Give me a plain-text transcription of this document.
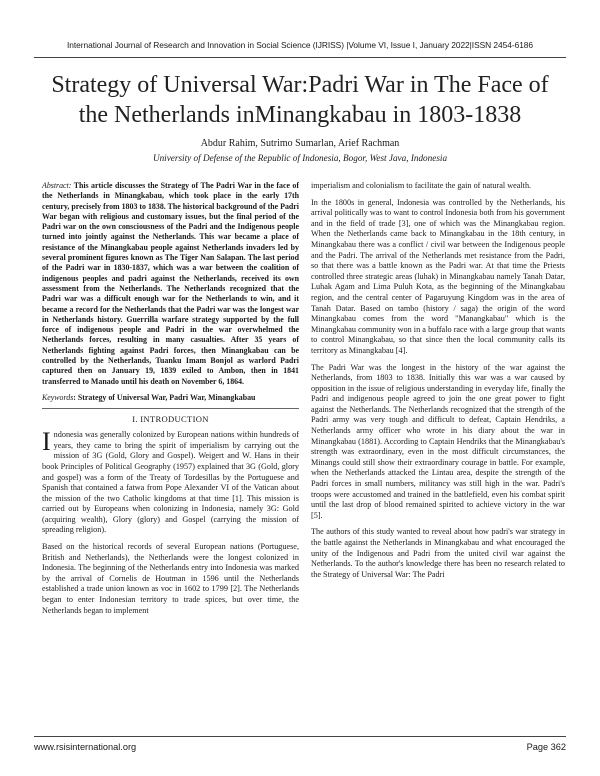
International Journal of Research and Innovation in Social Science (IJRISS) |Volume VI, Issue I, January 2022|ISSN 2454-6186
Strategy of Universal War:Padri War in The Face of the Netherlands inMinangkabau in 1803-1838
Abdur Rahim, Sutrimo Sumarlan, Arief Rachman
University of Defense of the Republic of Indonesia, Bogor, West Java, Indonesia

Abstract: This article discusses the Strategy of The Padri War in the face of the Netherlands in Minangkabau, which took place in the early 17th century, precisely from 1803 to 1838. The historical background of the Padri War began with religious and customary issues, but the final period of the Padri war on the own consciousness of the Padri and the Indigenous people turned into jointly against the Netherlands. This war became a place of resistance of the Minangkabau people against Netherlands invaders led by several prominent figures known as The Tiger Nan Salapan. The last period of the Padri war in 1830-1837, which was a war between the coalition of indigenous peoples and padri against the Netherlands, received its own assessment from the Netherlands. The Netherlands recognized that the Padri war was a difficult enough war for the Netherlands to win, and it became a record for the Netherlands that the Padri war was the longest war in Netherlands history. Guerrilla warfare strategy supported by the full force of indigenous people and Padri in the war overwhelmed the Netherlands forces, resulting in many casualties. After 35 years of Netherlands fighting against Padri forces, then Minangkabau can be controlled by the Netherlands, Tuanku Imam Bonjol as warlord Padri captured then on January 19, 1839 exiled to Ambon, then in 1841 transferred to Manado until his death on November 6, 1864.

Keywords: Strategy of Universal War, Padri War, Minangkabau

I. INTRODUCTION

Indonesia was generally colonized by European nations within hundreds of years, they came to bring the spirit of imperialism by carrying out the mission of 3G (Gold, Glory and Gospel). Weigert and W. Hans in their book Principles of Political Geography (1957) explained that 3G (Gold, glory and gospel) was a form of the Treaty of Tordesillas by the Portuguese and Spanish that contained a fatwa from Pope Alexander VI of the Vatican about the mission of the two Catholic kingdoms at that time [1]. This mission is carried out by Europeans when colonizing in Indonesia, namely 3G: Gold (acquiring wealth), Glory (glory) and Gospel (carrying the mission of spreading religion).

Based on the historical records of several European nations (Portuguese, British and Netherlands), the Netherlands were the longest colonized in Indonesia. The beginning of the Netherlands entry into Indonesia was marked by the arrival of Cornelis de Houtman in 1596 until the Netherlands established a trade union known as voc in 1602 to 1799 [2]. The Netherlands began to enter Indonesian territory to trade spices, but over time, the Netherlands began to implement

imperialism and colonialism to facilitate the gain of natural wealth.

In the 1800s in general, Indonesia was controlled by the Netherlands, his arrival politically was to want to control Indonesia both from his government and in the field of trade [3], one of which was the Minangkabau region. When the Netherlands came back to Minangkabau in the 18th century, in Minangkabau there was a conflict / civil war between the Indigenous people and the Padri. The arrival of the Netherlands met resistance from the Padri, so that there was a battle known as the Padri war. At that time the Priests controlled three strategic areas (luhak) in Minangkabau namely Tanah Datar, Luhak Agam and Lima Puluh Kota, as the beginning of the Minangkabau region, and the central center of Pagaruyung Kingdom was in the area of Tanah Datar. Based on tambo (history / saga) the origin of the word Minangkabau comes from the word "Manangkabau" which is the Minangkabau community won in a buffalo race with a large group that wants to control Minangkabau, so that since then the local community calls its territory as Minangkabau [4].

The Padri War was the longest in the history of the war against the Netherlands, from 1803 to 1838. Initially this war was a war caused by opposition in the issue of religious understanding in everyday life, finally the Padri and indigenous people agreed to join the one great power to fight against the Netherlands. The Netherlands recognized that the strength of the Padri army was very tough and difficult to defeat, Captain Hendriks, a Netherlands army officer who wrote in his diary about the war in Minangkabau (1881). According to Captain Hendriks that the Minangkabau's strength was extraordinary, even in the most difficult circumstances, the Minangs could still show their extraordinary courage in battle. For example, when the Netherlands attacked the Lintau area, despite the strength of the Padri forces in small numbers, militancy was still high in the war. Padri's troops were accustomed and trained in the battlefield, even his combat spirit until the last drop of blood remained spirited to achieve victory in the war [5].

The authors of this study wanted to reveal about how padri's war strategy in the battle against the Netherlands in Minangkabau and what encouraged the unity of the Indigenous and Padri from the united civil war against the Netherlands. To the author's knowledge there has been no research related to the Strategy of Universal War: The Padri

www.rsisinternational.org	Page 362
